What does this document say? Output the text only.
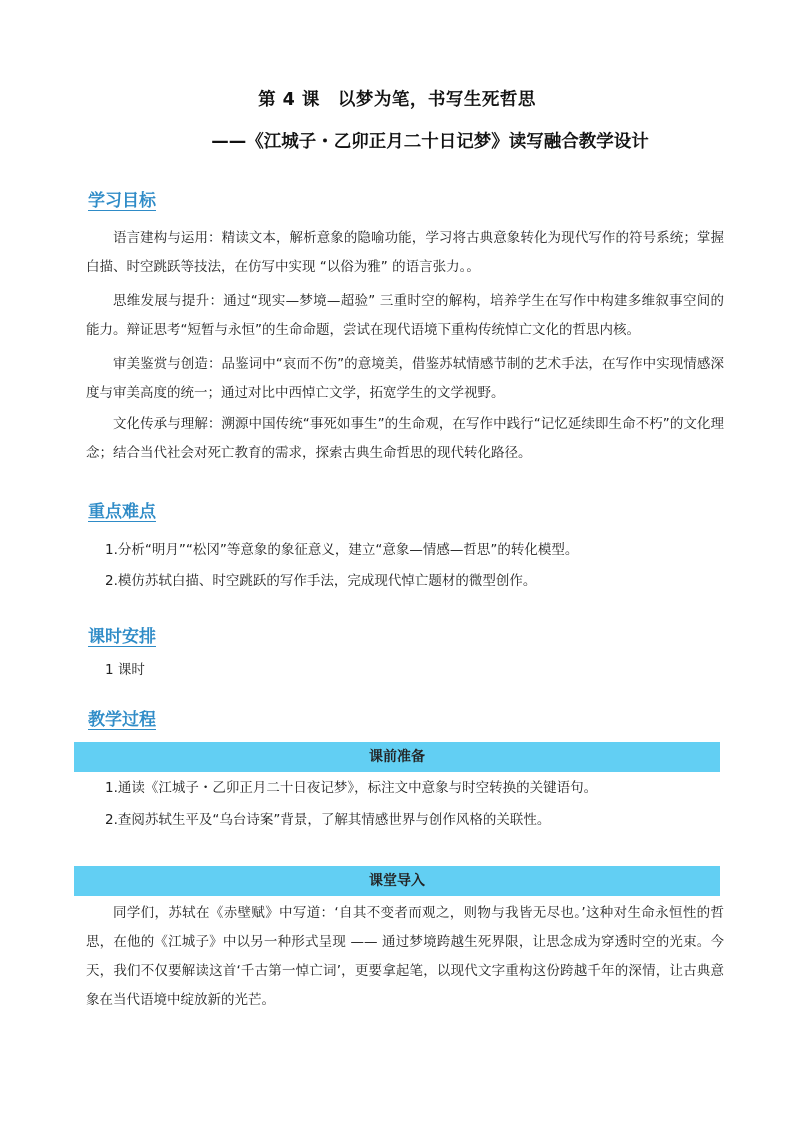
第 4 课　以梦为笔，书写生死哲思
——《江城子・乙卯正月二十日记梦》读写融合教学设计
学习目标
语言建构与运用：精读文本，解析意象的隐喻功能，学习将古典意象转化为现代写作的符号系统；掌握白描、时空跳跃等技法，在仿写中实现 “以俗为雅” 的语言张力。。
思维发展与提升：通过“现实—梦境—超验” 三重时空的解构，培养学生在写作中构建多维叙事空间的能力。辩证思考“短暂与永恒”的生命命题，尝试在现代语境下重构传统悼亡文化的哲思内核。
审美鉴赏与创造：品鉴词中“哀而不伤”的意境美，借鉴苏轼情感节制的艺术手法，在写作中实现情感深度与审美高度的统一；通过对比中西悼亡文学，拓宽学生的文学视野。
文化传承与理解：溯源中国传统“事死如事生”的生命观，在写作中践行“记忆延续即生命不朽”的文化理念；结合当代社会对死亡教育的需求，探索古典生命哲思的现代转化路径。
重点难点
1.分析“明月”“松冈”等意象的象征意义，建立“意象—情感—哲思”的转化模型。
2.模仿苏轼白描、时空跳跃的写作手法，完成现代悼亡题材的微型创作。
课时安排
1 课时
教学过程
课前准备
1.通读《江城子・乙卯正月二十日夜记梦》，标注文中意象与时空转换的关键语句。
2.查阅苏轼生平及“乌台诗案”背景，了解其情感世界与创作风格的关联性。
课堂导入
同学们，苏轼在《赤壁赋》中写道：‘自其不变者而观之，则物与我皆无尽也。’这种对生命永恒性的哲思，在他的《江城子》中以另一种形式呈现 —— 通过梦境跨越生死界限，让思念成为穿透时空的光束。今天，我们不仅要解读这首‘千古第一悼亡词’，更要拿起笔，以现代文字重构这份跨越千年的深情，让古典意象在当代语境中绽放新的光芒。
